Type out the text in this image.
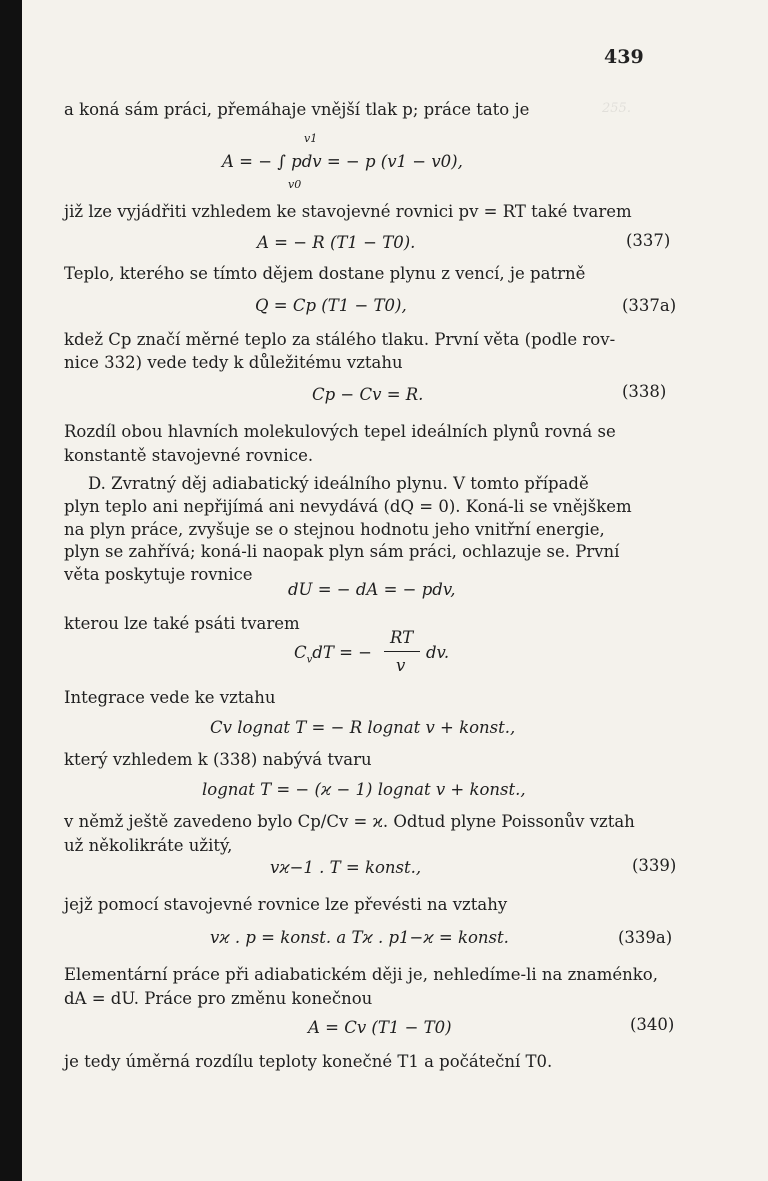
255.
439
a koná sám práci, přemáhaje vnější tlak p; práce tato je
A = − ∫ pdv = − p (v1 − v0),
v1
v0
již lze vyjádřiti vzhledem ke stavojevné rovnici pv = RT také tvarem
A = − R (T1 − T0).	(337)
Teplo, kterého se tímto dějem dostane plynu z vencí, je patrně
Q = Cp (T1 − T0),	(337a)
kdež Cp značí měrné teplo za stálého tlaku. První věta (podle rov-
nice 332) vede tedy k důležitému vztahu
Cp − Cv = R.	(338)
Rozdíl obou hlavních molekulových tepel ideálních plynů rovná se
konstantě stavojevné rovnice.
D. Zvratný děj adiabatický ideálního plynu. V tomto případě
plyn teplo ani nepřijímá ani nevydává (dQ = 0). Koná-li se vnějškem
na plyn práce, zvyšuje se o stejnou hodnotu jeho vnitřní energie,
plyn se zahřívá; koná-li naopak plyn sám práci, ochlazuje se. První
věta poskytuje rovnice
dU = − dA = − pdv,
kterou lze také psáti tvarem
$C_vdT$ = −
RT
v
dv.
Integrace vede ke vztahu
Cv lognat T = − R lognat v + konst.,
který vzhledem k (338) nabývá tvaru
lognat T = − (ϰ − 1) lognat v + konst.,
v němž ještě zavedeno bylo Cp/Cv = ϰ. Odtud plyne Poissonův vztah
už několikráte užitý,
vϰ−1 . T = konst.,	(339)
jejž pomocí stavojevné rovnice lze převésti na vztahy
vϰ . p = konst. a Tϰ . p1−ϰ = konst.	(339a)
Elementární práce při adiabatickém ději je, nehledíme-li na znaménko,
dA = dU. Práce pro změnu konečnou
A = Cv (T1 − T0)	(340)
je tedy úměrná rozdílu teploty konečné T1 a počáteční T0.
